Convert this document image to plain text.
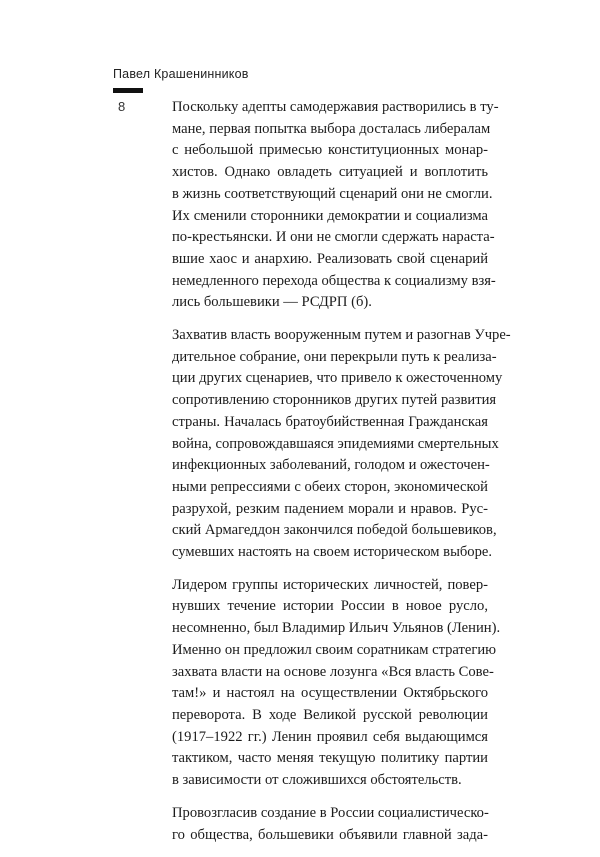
Павел Крашенинников
8	Поскольку адепты самодержавия растворились в ту-
мане, первая попытка выбора досталась либералам
с небольшой примесью конституционных монар-
хистов. Однако овладеть ситуацией и воплотить
в жизнь соответствующий сценарий они не смогли.
Их сменили сторонники демократии и социализма
по-крестьянски. И они не смогли сдержать нараста-
вшие хаос и анархию. Реализовать свой сценарий
немедленного перехода общества к социализму взя-
лись большевики — РСДРП (б).

Захватив власть вооруженным путем и разогнав Учре-
дительное собрание, они перекрыли путь к реализа-
ции других сценариев, что привело к ожесточенному
сопротивлению сторонников других путей развития
страны. Началась братоубийственная Гражданская
война, сопровождавшаяся эпидемиями смертельных
инфекционных заболеваний, голодом и ожесточен-
ными репрессиями с обеих сторон, экономической
разрухой, резким падением морали и нравов. Рус-
ский Армагеддон закончился победой большевиков,
сумевших настоять на своем историческом выборе.

Лидером группы исторических личностей, повер-
нувших течение истории России в новое русло,
несомненно, был Владимир Ильич Ульянов (Ленин).
Именно он предложил своим соратникам стратегию
захвата власти на основе лозунга «Вся власть Сове-
там!» и настоял на осуществлении Октябрьского
переворота. В ходе Великой русской революции
(1917–1922 гг.) Ленин проявил себя выдающимся
тактиком, часто меняя текущую политику партии
в зависимости от сложившихся обстоятельств.

Провозгласив создание в России социалистическо-
го общества, большевики объявили главной зада-
